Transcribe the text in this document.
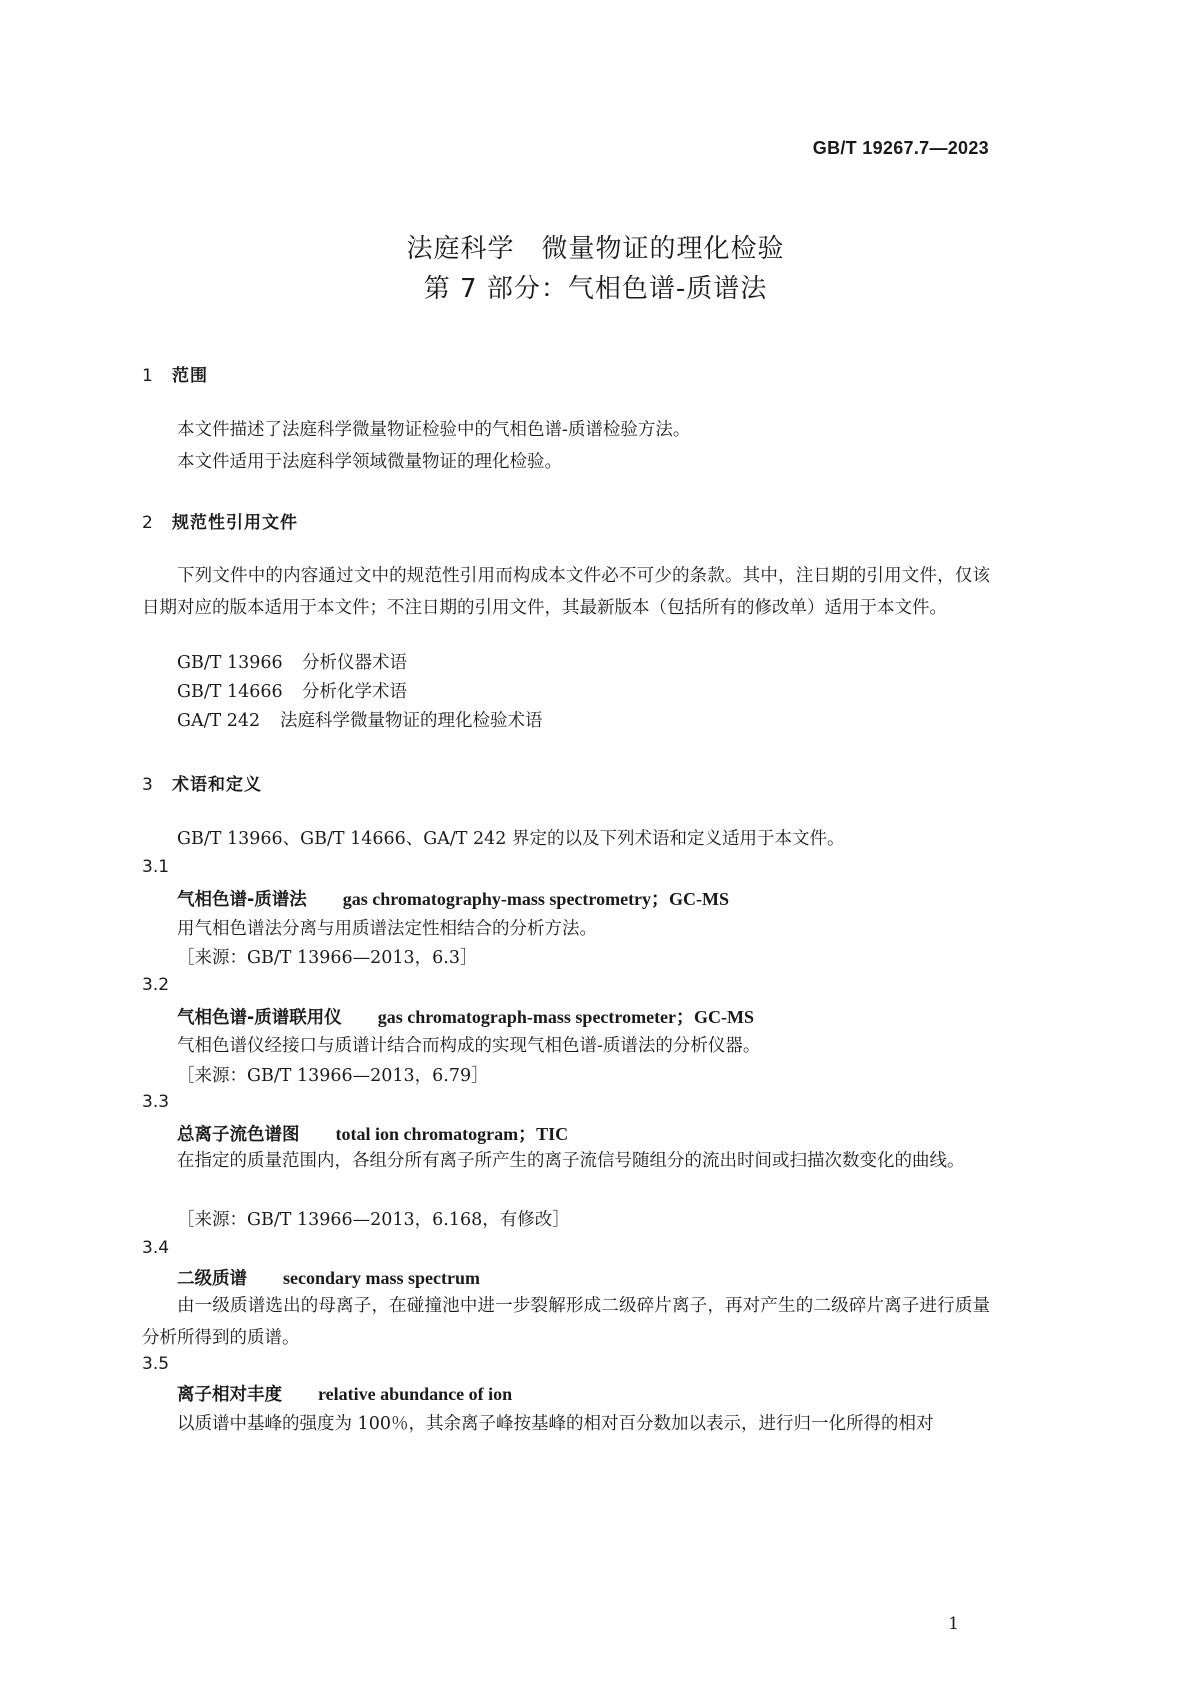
GB/T 19267.7—2023
法庭科学　微量物证的理化检验
第 7 部分：气相色谱-质谱法
1 范围
本文件描述了法庭科学微量物证检验中的气相色谱-质谱检验方法。
本文件适用于法庭科学领域微量物证的理化检验。
2 规范性引用文件
下列文件中的内容通过文中的规范性引用而构成本文件必不可少的条款。其中，注日期的引用文件，仅该日期对应的版本适用于本文件；不注日期的引用文件，其最新版本（包括所有的修改单）适用于本文件。
GB/T 13966 分析仪器术语
GB/T 14666 分析化学术语
GA/T 242 法庭科学微量物证的理化检验术语
3 术语和定义
GB/T 13966、GB/T 14666、GA/T 242 界定的以及下列术语和定义适用于本文件。
3.1
气相色谱-质谱法 gas chromatography-mass spectrometry；GC-MS
用气相色谱法分离与用质谱法定性相结合的分析方法。
［来源：GB/T 13966—2013，6.3］
3.2
气相色谱-质谱联用仪 gas chromatograph-mass spectrometer；GC-MS
气相色谱仪经接口与质谱计结合而构成的实现气相色谱-质谱法的分析仪器。
［来源：GB/T 13966—2013，6.79］
3.3
总离子流色谱图 total ion chromatogram；TIC
在指定的质量范围内，各组分所有离子所产生的离子流信号随组分的流出时间或扫描次数变化的曲线。
［来源：GB/T 13966—2013，6.168，有修改］
3.4
二级质谱 secondary mass spectrum
由一级质谱选出的母离子，在碰撞池中进一步裂解形成二级碎片离子，再对产生的二级碎片离子进行质量分析所得到的质谱。
3.5
离子相对丰度 relative abundance of ion
以质谱中基峰的强度为 100％，其余离子峰按基峰的相对百分数加以表示，进行归一化所得的相对
1
